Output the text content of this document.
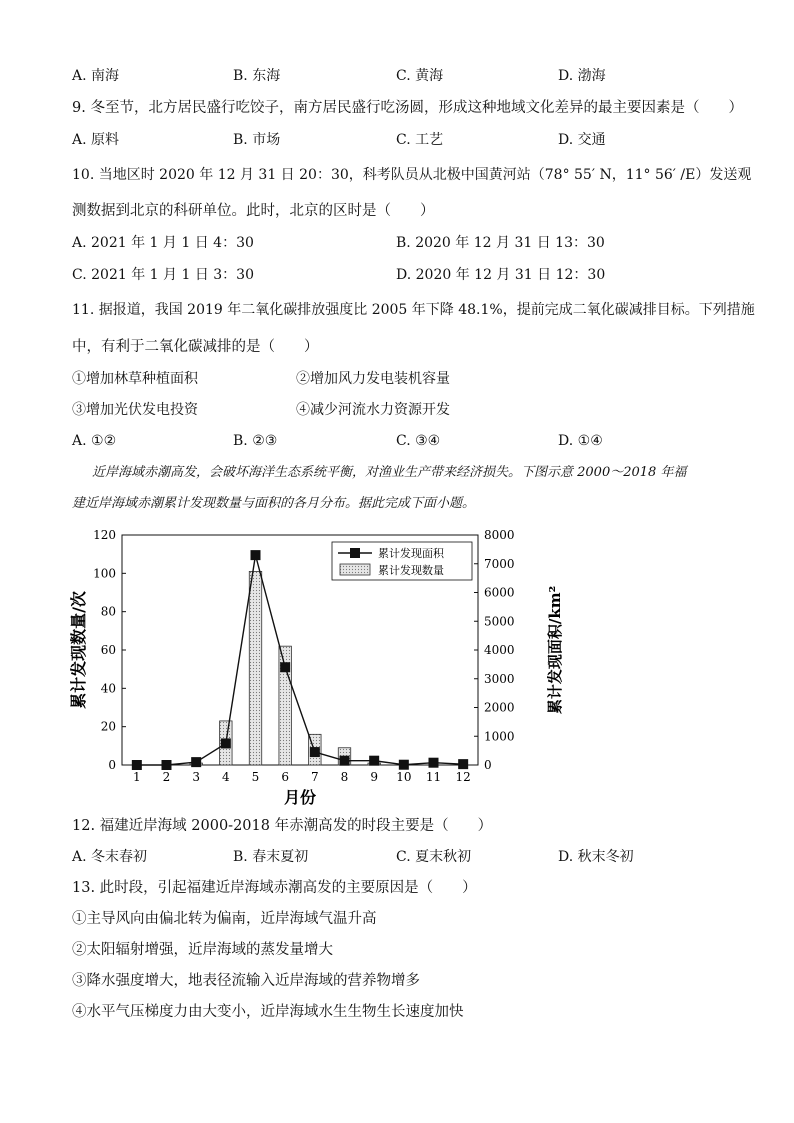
A. 南海	B. 东海	C. 黄海	D. 渤海
9. 冬至节，北方居民盛行吃饺子，南方居民盛行吃汤圆，形成这种地域文化差异的最主要因素是（　　）
A. 原料	B. 市场	C. 工艺	D. 交通
10. 当地区时 2020 年 12 月 31 日 20：30，科考队员从北极中国黄河站（78° 55′ N，11° 56′ /E）发送观
测数据到北京的科研单位。此时，北京的区时是（　　）
A. 2021 年 1 月 1 日 4：30	B. 2020 年 12 月 31 日 13：30
C. 2021 年 1 月 1 日 3：30	D. 2020 年 12 月 31 日 12：30
11. 据报道，我国 2019 年二氧化碳排放强度比 2005 年下降 48.1%，提前完成二氧化碳减排目标。下列措施
中，有利于二氧化碳减排的是（　　）
①增加林草种植面积	②增加风力发电装机容量
③增加光伏发电投资	④减少河流水力资源开发
A. ①②	B. ②③	C. ③④	D. ①④
近岸海域赤潮高发，会破坏海洋生态系统平衡，对渔业生产带来经济损失。下图示意 2000～2018 年福
建近岸海域赤潮累计发现数量与面积的各月分布。据此完成下面小题。
0
20
40
60
80
100
120
0
1000
2000
3000
4000
5000
6000
7000
8000
1 2 3 4 5 6 7 8 9 10 11 12
累计发现面积
累计发现数量
月份
累计发现数量/次	累计发现面积/km²
12. 福建近岸海域 2000-2018 年赤潮高发的时段主要是（　　）
A. 冬末春初	B. 春末夏初	C. 夏末秋初	D. 秋末冬初
13. 此时段，引起福建近岸海域赤潮高发的主要原因是（　　）
①主导风向由偏北转为偏南，近岸海域气温升高
②太阳辐射增强，近岸海域的蒸发量增大
③降水强度增大，地表径流输入近岸海域的营养物增多
④水平气压梯度力由大变小，近岸海域水生生物生长速度加快
